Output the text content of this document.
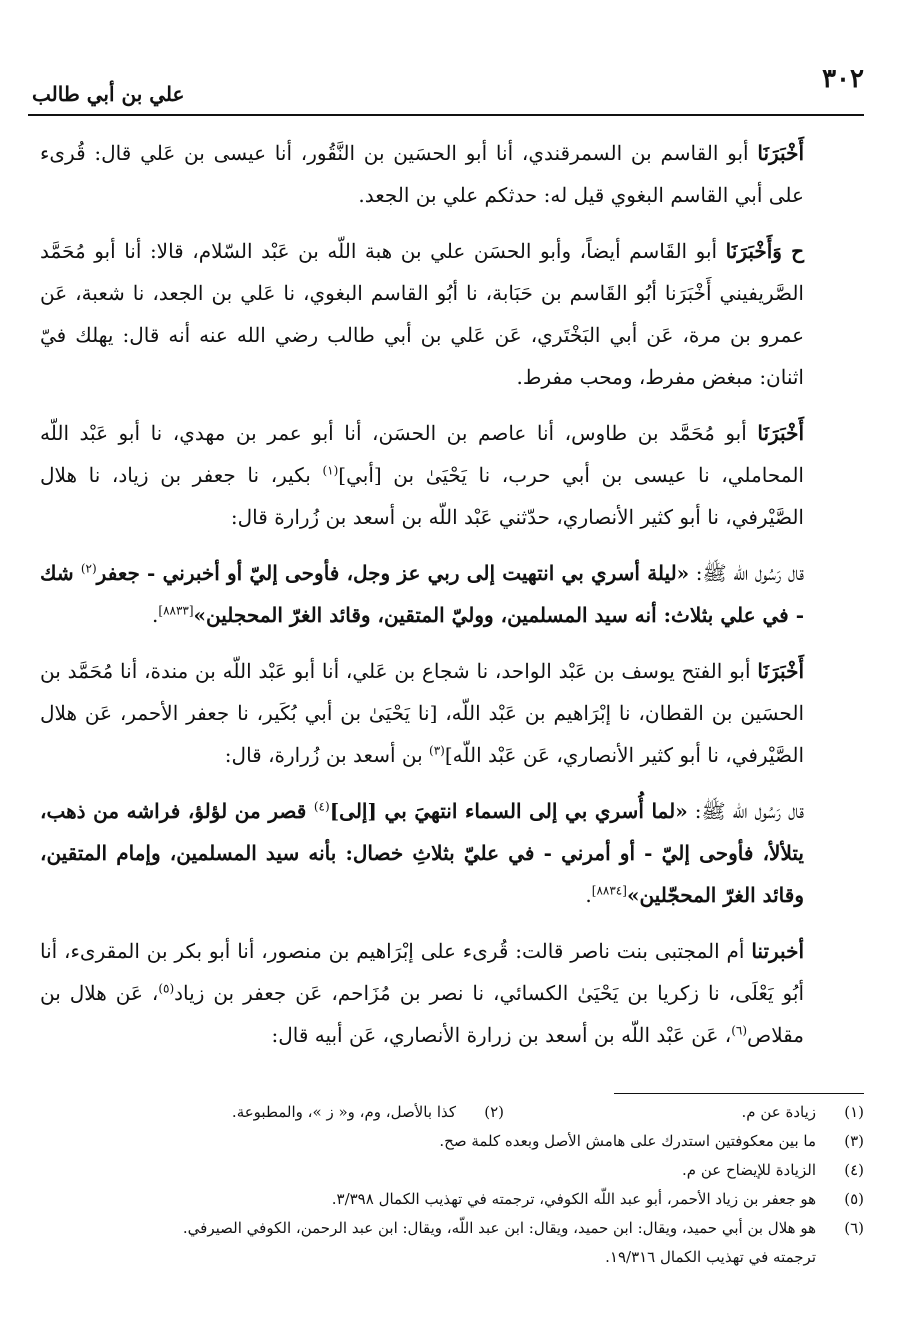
٣٠٢
علي بن أبي طالب

أَخْبَرَنَا أبو القاسم بن السمرقندي، أنا أبو الحسَين بن النَّقُور، أنا عيسى بن عَلي قال: قُرىء على أبي القاسم البغوي قيل له: حدثكم علي بن الجعد.

ح وَأَخْبَرَنَا أبو القَاسم أيضاً، وأبو الحسَن علي بن هبة اللّه بن عَبْد السّلام، قالا: أنا أبو مُحَمَّد الصَّريفيني أَخْبَرَنا أبُو القَاسم بن حَبَابة، نا أبُو القاسم البغوي، نا عَلي بن الجعد، نا شعبة، عَن عمرو بن مرة، عَن أبي البَخْتَري، عَن عَلي بن أبي طالب رضي الله عنه أنه قال: يهلك فيّ اثنان: مبغض مفرط، ومحب مفرط.

أَخْبَرَنَا أبو مُحَمَّد بن طاوس، أنا عاصم بن الحسَن، أنا أبو عمر بن مهدي، نا أبو عَبْد اللّه المحاملي، نا عيسى بن أبي حرب، نا يَحْيَىٰ بن [أبي]$^{(١)}$ بكير، نا جعفر بن زياد، نا هلال الصَّيْرفي، نا أبو كثير الأنصاري، حدّثني عَبْد اللّه بن أسعد بن زُرارة قال:

قال رَسُول الله ﷺ: «ليلة أسري بي انتهيت إلى ربي عز وجل، فأوحى إليّ أو أخبرني - جعفر$^{(٢)}$ شك - في علي بثلاث: أنه سيد المسلمين، ووليّ المتقين، وقائد الغرّ المحجلين»[٨٨٣٣].

أَخْبَرَنَا أبو الفتح يوسف بن عَبْد الواحد، نا شجاع بن عَلي، أنا أبو عَبْد اللّه بن مندة، أنا مُحَمَّد بن الحسَين بن القطان، نا إبْرَاهيم بن عَبْد اللّه، [نا يَحْيَىٰ بن أبي بُكَير، نا جعفر الأحمر، عَن هلال الصَّيْرفي، نا أبو كثير الأنصاري، عَن عَبْد اللّه]$^{(٣)}$ بن أسعد بن زُرارة، قال:

قال رَسُول الله ﷺ: «لما أُسري بي إلى السماء انتهيَ بي [إلى]$^{(٤)}$ قصر من لؤلؤ، فراشه من ذهب، يتلألأ، فأوحى إليّ - أو أمرني - في عليّ بثلاثِ خصال: بأنه سيد المسلمين، وإمام المتقين، وقائد الغرّ المحجّلين»[٨٨٣٤].

أخبرتنا أم المجتبى بنت ناصر قالت: قُرىء على إبْرَاهيم بن منصور، أنا أبو بكر بن المقرىء، أنا أبُو يَعْلَى، نا زكريا بن يَحْيَىٰ الكسائي، نا نصر بن مُزَاحم، عَن جعفر بن زياد$^{(٥)}$، عَن هلال بن مقلاص$^{(٦)}$، عَن عَبْد اللّه بن أسعد بن زرارة الأنصاري، عَن أبيه قال:

(١)
زيادة عن م.
(٢)
كذا بالأصل، وم، و« ز »، والمطبوعة.
(٣)
ما بين معكوفتين استدرك على هامش الأصل وبعده كلمة صح.
(٤)
الزيادة للإيضاح عن م.
(٥)
هو جعفر بن زياد الأحمر، أبو عبد اللّه الكوفي، ترجمته في تهذيب الكمال ٣/٣٩٨.
(٦)
هو هلال بن أبي حميد، ويقال: ابن حميد، ويقال: ابن عبد اللّه، ويقال: ابن عبد الرحمن، الكوفي الصيرفي.
ترجمته في تهذيب الكمال ١٩/٣١٦.
